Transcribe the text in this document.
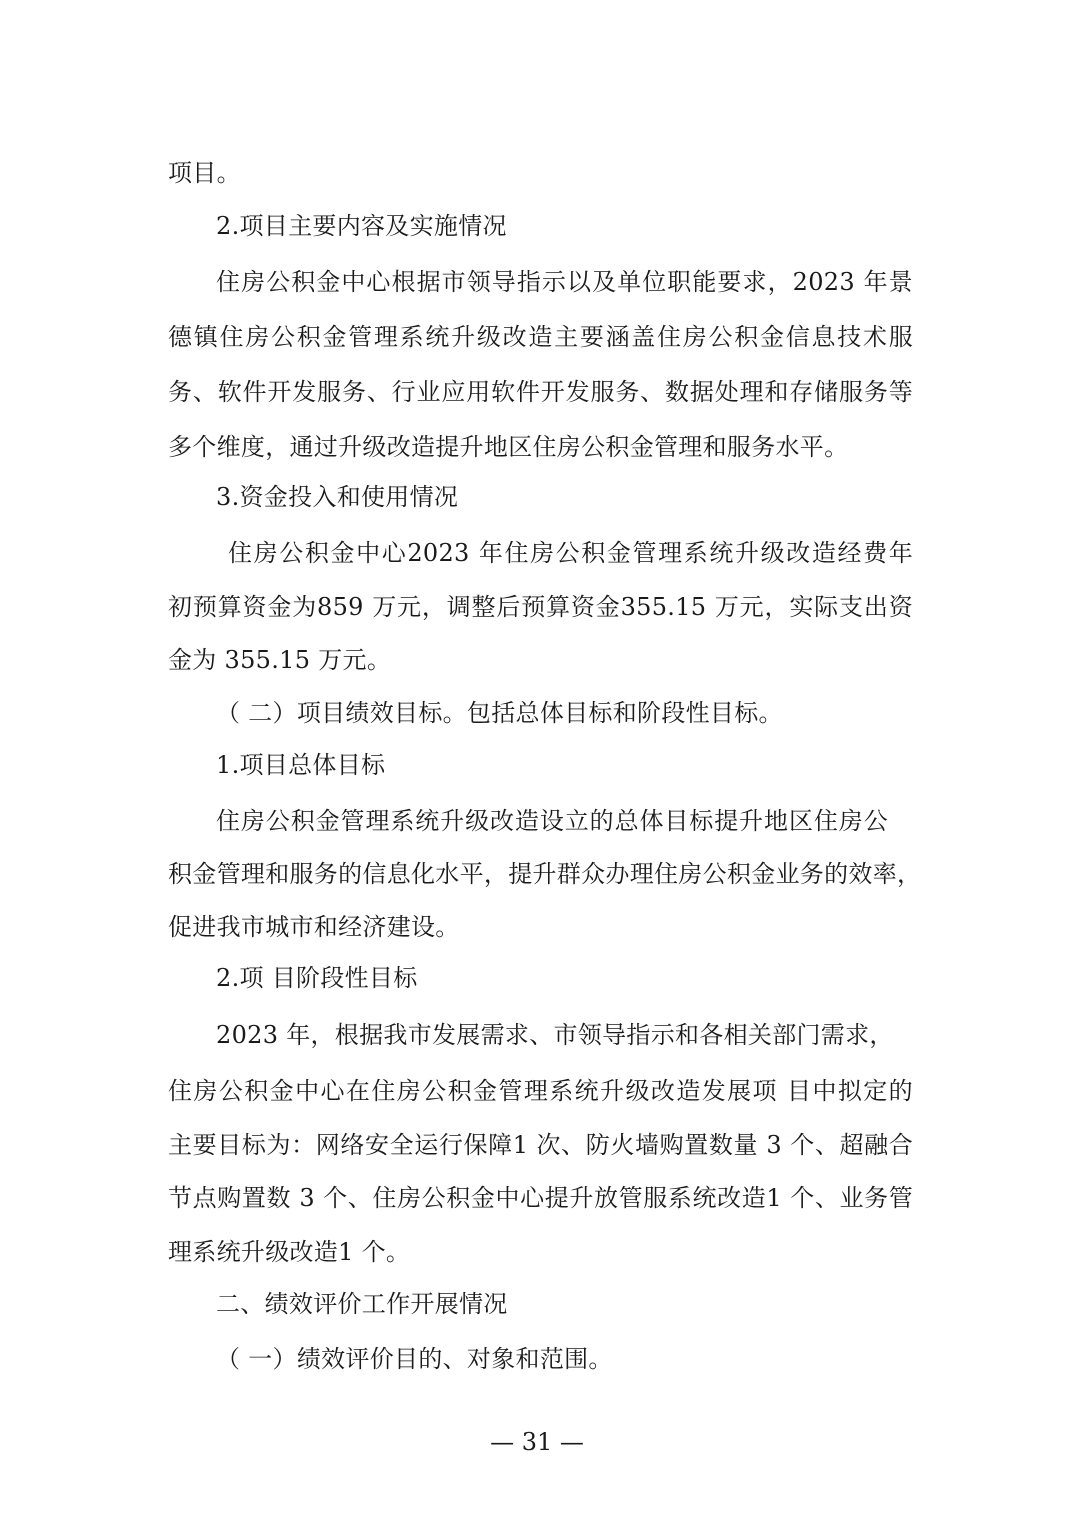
项目。
2.项目主要内容及实施情况
住房公积金中心根据市领导指示以及单位职能要求，2023 年景
德镇住房公积金管理系统升级改造主要涵盖住房公积金信息技术服
务、软件开发服务、行业应用软件开发服务、数据处理和存储服务等
多个维度，通过升级改造提升地区住房公积金管理和服务水平。
3.资金投入和使用情况
住房公积金中心2023 年住房公积金管理系统升级改造经费年
初预算资金为859 万元，调整后预算资金355.15 万元，实际支出资
金为 355.15 万元。
（ 二）项目绩效目标。包括总体目标和阶段性目标。
1.项目总体目标
住房公积金管理系统升级改造设立的总体目标提升地区住房公
积金管理和服务的信息化水平，提升群众办理住房公积金业务的效率，
促进我市城市和经济建设。
2.项 目阶段性目标
2023 年，根据我市发展需求、市领导指示和各相关部门需求，
住房公积金中心在住房公积金管理系统升级改造发展项 目中拟定的
主要目标为：网络安全运行保障1 次、防火墙购置数量 3 个、超融合
节点购置数 3 个、住房公积金中心提升放管服系统改造1 个、业务管
理系统升级改造1 个。
二、绩效评价工作开展情况
（ 一）绩效评价目的、对象和范围。
— 31 —
